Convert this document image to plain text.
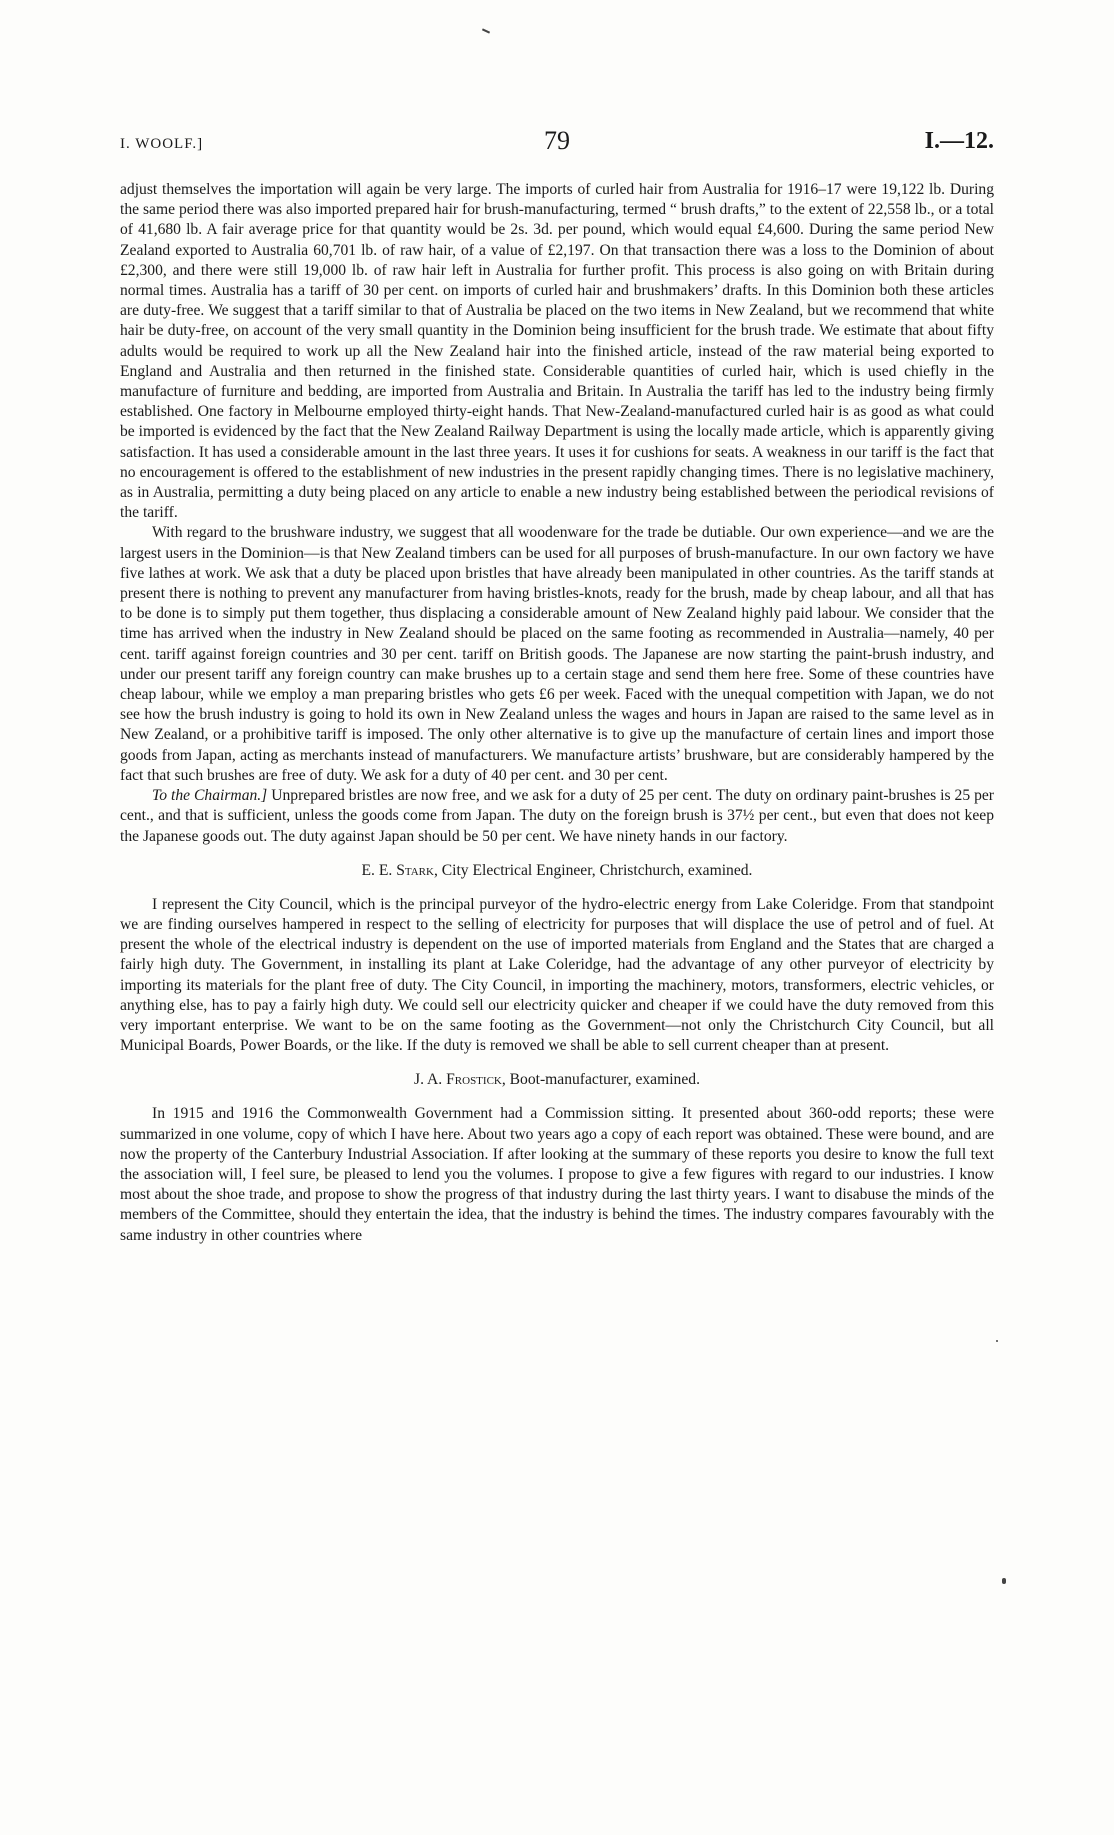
I. WOOLF.]	79	I.—12.

adjust themselves the importation will again be very large. The imports of curled hair from Australia for 1916–17 were 19,122 lb. During the same period there was also imported prepared hair for brush-manufacturing, termed “ brush drafts,” to the extent of 22,558 lb., or a total of 41,680 lb. A fair average price for that quantity would be 2s. 3d. per pound, which would equal £4,600. During the same period New Zealand exported to Australia 60,701 lb. of raw hair, of a value of £2,197. On that transaction there was a loss to the Dominion of about £2,300, and there were still 19,000 lb. of raw hair left in Australia for further profit. This process is also going on with Britain during normal times. Australia has a tariff of 30 per cent. on imports of curled hair and brushmakers’ drafts. In this Dominion both these articles are duty-free. We suggest that a tariff similar to that of Australia be placed on the two items in New Zealand, but we recommend that white hair be duty-free, on account of the very small quantity in the Dominion being insufficient for the brush trade. We estimate that about fifty adults would be required to work up all the New Zealand hair into the finished article, instead of the raw material being exported to England and Australia and then returned in the finished state. Considerable quantities of curled hair, which is used chiefly in the manufacture of furniture and bedding, are imported from Australia and Britain. In Australia the tariff has led to the industry being firmly established. One factory in Melbourne employed thirty-eight hands. That New-Zealand-manufactured curled hair is as good as what could be imported is evidenced by the fact that the New Zealand Railway Department is using the locally made article, which is apparently giving satisfaction. It has used a considerable amount in the last three years. It uses it for cushions for seats. A weakness in our tariff is the fact that no encouragement is offered to the establishment of new industries in the present rapidly changing times. There is no legislative machinery, as in Australia, permitting a duty being placed on any article to enable a new industry being established between the periodical revisions of the tariff.

With regard to the brushware industry, we suggest that all woodenware for the trade be dutiable. Our own experience—and we are the largest users in the Dominion—is that New Zealand timbers can be used for all purposes of brush-manufacture. In our own factory we have five lathes at work. We ask that a duty be placed upon bristles that have already been manipulated in other countries. As the tariff stands at present there is nothing to prevent any manufacturer from having bristles-knots, ready for the brush, made by cheap labour, and all that has to be done is to simply put them together, thus displacing a considerable amount of New Zealand highly paid labour. We consider that the time has arrived when the industry in New Zealand should be placed on the same footing as recommended in Australia—namely, 40 per cent. tariff against foreign countries and 30 per cent. tariff on British goods. The Japanese are now starting the paint-brush industry, and under our present tariff any foreign country can make brushes up to a certain stage and send them here free. Some of these countries have cheap labour, while we employ a man preparing bristles who gets £6 per week. Faced with the unequal competition with Japan, we do not see how the brush industry is going to hold its own in New Zealand unless the wages and hours in Japan are raised to the same level as in New Zealand, or a prohibitive tariff is imposed. The only other alternative is to give up the manufacture of certain lines and import those goods from Japan, acting as merchants instead of manufacturers. We manufacture artists’ brushware, but are considerably hampered by the fact that such brushes are free of duty. We ask for a duty of 40 per cent. and 30 per cent.

To the Chairman.] Unprepared bristles are now free, and we ask for a duty of 25 per cent. The duty on ordinary paint-brushes is 25 per cent., and that is sufficient, unless the goods come from Japan. The duty on the foreign brush is 37½ per cent., but even that does not keep the Japanese goods out. The duty against Japan should be 50 per cent. We have ninety hands in our factory.

E. E. Stark, City Electrical Engineer, Christchurch, examined.

I represent the City Council, which is the principal purveyor of the hydro-electric energy from Lake Coleridge. From that standpoint we are finding ourselves hampered in respect to the selling of electricity for purposes that will displace the use of petrol and of fuel. At present the whole of the electrical industry is dependent on the use of imported materials from England and the States that are charged a fairly high duty. The Government, in installing its plant at Lake Coleridge, had the advantage of any other purveyor of electricity by importing its materials for the plant free of duty. The City Council, in importing the machinery, motors, transformers, electric vehicles, or anything else, has to pay a fairly high duty. We could sell our electricity quicker and cheaper if we could have the duty removed from this very important enterprise. We want to be on the same footing as the Government—not only the Christchurch City Council, but all Municipal Boards, Power Boards, or the like. If the duty is removed we shall be able to sell current cheaper than at present.

J. A. Frostick, Boot-manufacturer, examined.

In 1915 and 1916 the Commonwealth Government had a Commission sitting. It presented about 360-odd reports; these were summarized in one volume, copy of which I have here. About two years ago a copy of each report was obtained. These were bound, and are now the property of the Canterbury Industrial Association. If after looking at the summary of these reports you desire to know the full text the association will, I feel sure, be pleased to lend you the volumes. I propose to give a few figures with regard to our industries. I know most about the shoe trade, and propose to show the progress of that industry during the last thirty years. I want to disabuse the minds of the members of the Committee, should they entertain the idea, that the industry is behind the times. The industry compares favourably with the same industry in other countries where
